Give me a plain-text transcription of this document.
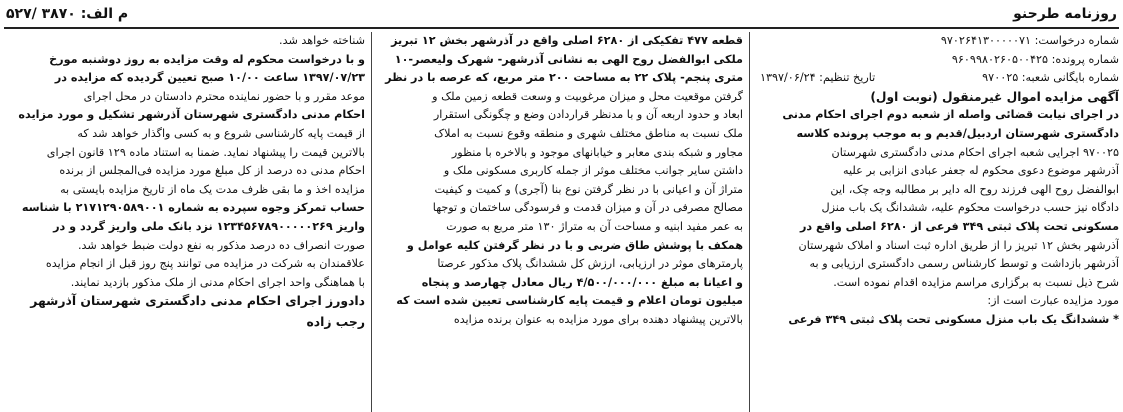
روزنامه طرحنو
م الف: ۳۸۷۰ /۵۲۷
شماره درخواست: ۹۷۰۲۶۴۱۳۰۰۰۰۰۷۱
شماره پرونده: ۹۶۰۹۹۸۰۲۶۰۵۰۰۴۲۵
شماره بایگانی شعبه: ۹۷۰۰۲۵
تاریخ تنظیم: ۱۳۹۷/۰۶/۲۴
آگهی مزایده اموال غیرمنقول (نوبت اول)
در اجرای نیابت قضائی واصله از شعبه دوم اجرای احکام مدنی
دادگستری شهرستان اردبیل/قدیم و به موجب پرونده کلاسه
۹۷۰۰۲۵ اجرایی شعبه اجرای احکام مدنی دادگستری شهرستان
آذرشهر موضوع دعوی محکوم له جعفر عبادی انزابی بر علیه
ابوالفضل روح الهی فرزند روح اله دایر بر مطالبه وجه چک، این
دادگاه نیز حسب درخواست محکوم علیه، ششدانگ یک باب منزل
مسکونی تحت پلاک ثبتی ۳۴۹ فرعی از ۶۲۸۰ اصلی واقع در
آذرشهر بخش ۱۲ تبریز را از طریق اداره ثبت اسناد و املاک شهرستان
آذرشهر بازداشت و توسط کارشناس رسمی دادگستری ارزیابی و به
شرح ذیل نسبت به برگزاری مراسم مزایده اقدام نموده است.
مورد مزایده عبارت است از:
* ششدانگ یک باب منزل مسکونی تحت پلاک ثبتی ۳۴۹ فرعی
قطعه ۴۷۷ تفکیکی از ۶۲۸۰ اصلی واقع در آذرشهر بخش ۱۲ تبریز
ملکی ابوالفضل روح الهی به نشانی آذرشهر- شهرک ولیعصر-۱۰
متری پنجم- پلاک ۲۲ به مساحت ۲۰۰ متر مربع، که عرصه با در نظر
گرفتن موقعیت محل و میزان مرغوبیت و وسعت قطعه زمین ملک و
ابعاد و حدود اربعه آن و با مدنظر قراردادن وضع و چگونگی استقرار
ملک نسبت به مناطق مختلف شهری و منطقه وقوع نسبت به املاک
مجاور و شبکه بندی معابر و خیابانهای موجود و بالاخره با منظور
داشتن سایر جوانب مختلف موثر از جمله کاربری مسکونی ملک و
متراژ آن و اعیانی با در نظر گرفتن نوع بنا (آجری) و کمیت و کیفیت
مصالح مصرفی در آن و میزان قدمت و فرسودگی ساختمان و توجها
به عمر مفید ابنیه و مساحت آن به متراژ ۱۳۰ متر مربع به صورت
همکف با پوشش طاق ضربی و با در نظر گرفتن کلیه عوامل و
پارمترهای موثر در ارزیابی، ارزش کل ششدانگ پلاک مذکور عرصتا
و اعیانا به مبلغ ۴/۵۰۰/۰۰۰/۰۰۰ ریال معادل چهارصد و پنجاه
میلیون تومان اعلام و قیمت پایه کارشناسی تعیین شده است که
بالاترین پیشنهاد دهنده برای مورد مزایده به عنوان برنده مزایده
شناخته خواهد شد.
و با درخواست محکوم له وقت مزایده به روز دوشنبه مورخ
۱۳۹۷/۰۷/۲۳ ساعت ۱۰/۰۰ صبح تعیین گردیده که مزایده در
موعد مقرر و با حضور نماینده محترم دادستان در محل اجرای
احکام مدنی دادگستری شهرستان آذرشهر تشکیل و مورد مزایده
از قیمت پایه کارشناسی شروع و به کسی واگذار خواهد شد که
بالاترین قیمت را پیشنهاد نماید. ضمنا به استناد ماده ۱۲۹ قانون اجرای
احکام مدنی ده درصد از کل مبلغ مورد مزایده فی‌المجلس از برنده
مزایده اخذ و ما بقی ظرف مدت یک ماه از تاریخ مزایده بایستی به
حساب تمرکز وجوه سپرده به شماره ۲۱۷۱۲۹۰۵۸۹۰۰۱ با شناسه
واریز ۱۲۳۴۵۶۷۸۹۰۰۰۰۰۲۶۹ نزد بانک ملی واریز گردد و در
صورت انصراف ده درصد مذکور به نفع دولت ضبط خواهد شد.
علاقمندان به شرکت در مزایده می توانند پنج روز قبل از انجام مزایده
با هماهنگی واحد اجرای احکام مدنی از ملک مذکور بازدید نمایند.
دادورز اجرای احکام مدنی دادگستری شهرستان آذرشهر
رجب زاده
